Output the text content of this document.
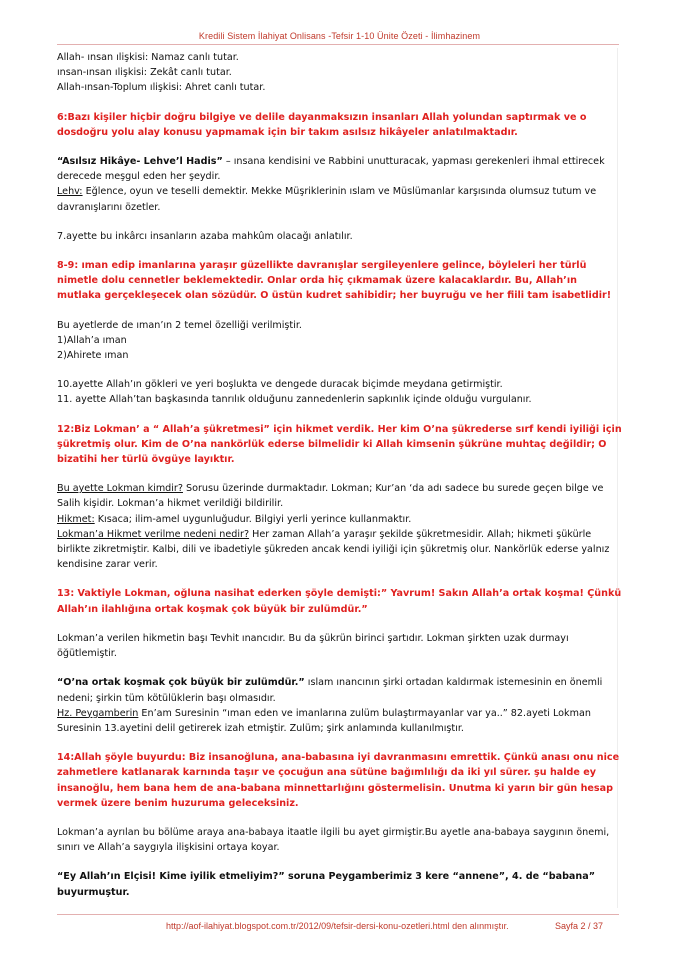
Kredili Sistem İlahiyat Onlisans -Tefsir 1-10 Ünite Özeti - İlimhazinem

Allah- ınsan ılişkisi: Namaz canlı tutar.

ınsan-ınsan ılişkisi: Zekât canlı tutar.

Allah-ınsan-Toplum ılişkisi: Ahret canlı tutar.

6:Bazı kişiler hiçbir doğru bilgiye ve delile dayanmaksızın insanları Allah yolundan saptırmak ve o dosdoğru yolu alay konusu yapmamak için bir takım asılsız hikâyeler anlatılmaktadır.

“Asılsız Hikâye- Lehve’l Hadis” – ınsana kendisini ve Rabbini unutturacak, yapması gerekenleri ihmal ettirecek derecede meşgul eden her şeydir.

Lehv: Eğlence, oyun ve teselli demektir. Mekke Müşriklerinin ıslam ve Müslümanlar karşısında olumsuz tutum ve davranışlarını özetler.

7.ayette bu inkârcı insanların azaba mahkûm olacağı anlatılır.

8-9: ıman edip imanlarına yaraşır güzellikte davranışlar sergileyenlere gelince, böyleleri her türlü nimetle dolu cennetler beklemektedir. Onlar orda hiç çıkmamak üzere kalacaklardır. Bu, Allah’ın mutlaka gerçekleşecek olan sözüdür. O üstün kudret sahibidir; her buyruğu ve her fiili tam isabetlidir!

Bu ayetlerde de ıman’ın 2 temel özelliği verilmiştir.

1)Allah’a ıman

2)Ahirete ıman

10.ayette Allah’ın gökleri ve yeri boşlukta ve dengede duracak biçimde meydana getirmiştir.

11. ayette Allah’tan başkasında tanrılık olduğunu zannedenlerin sapkınlık içinde olduğu vurgulanır.

12:Biz Lokman’ a “ Allah’a şükretmesi” için hikmet verdik. Her kim O’na şükrederse sırf kendi iyiliği için şükretmiş olur. Kim de O’na nankörlük ederse bilmelidir ki Allah kimsenin şükrüne muhtaç değildir; O bizatihi her türlü övgüye layıktır.

Bu ayette Lokman kimdir? Sorusu üzerinde durmaktadır. Lokman; Kur’an ‘da adı sadece bu surede geçen bilge ve Salih kişidir. Lokman’a hikmet verildiği bildirilir.

Hikmet: Kısaca; ilim-amel uygunluğudur. Bilgiyi yerli yerince kullanmaktır.

Lokman’a Hikmet verilme nedeni nedir? Her zaman Allah’a yaraşır şekilde şükretmesidir. Allah; hikmeti şükürle birlikte zikretmiştir. Kalbi, dili ve ibadetiyle şükreden ancak kendi iyiliği için şükretmiş olur. Nankörlük ederse yalnız kendisine zarar verir.

13: Vaktiyle Lokman, oğluna nasihat ederken şöyle demişti:” Yavrum! Sakın Allah’a ortak koşma! Çünkü Allah’ın ilahlığına ortak koşmak çok büyük bir zulümdür.”

Lokman’a verilen hikmetin başı Tevhit ınancıdır. Bu da şükrün birinci şartıdır. Lokman şirkten uzak durmayı öğütlemiştir.

“O’na ortak koşmak çok büyük bir zulümdür.” ıslam ınancının şirki ortadan kaldırmak istemesinin en önemli nedeni; şirkin tüm kötülüklerin başı olmasıdır.

Hz. Peygamberin En’am Suresinin “ıman eden ve imanlarına zulüm bulaştırmayanlar var ya..” 82.ayeti Lokman Suresinin 13.ayetini delil getirerek izah etmiştir. Zulüm; şirk anlamında kullanılmıştır.

14:Allah şöyle buyurdu: Biz insanoğluna, ana-babasına iyi davranmasını emrettik. Çünkü anası onu nice zahmetlere katlanarak karnında taşır ve çocuğun ana sütüne bağımlılığı da iki yıl sürer. şu halde ey insanoğlu, hem bana hem de ana-babana minnettarlığını göstermelisin. Unutma ki yarın bir gün hesap vermek üzere benim huzuruma geleceksiniz.

Lokman’a ayrılan bu bölüme araya ana-babaya itaatle ilgili bu ayet girmiştir.Bu ayetle ana-babaya saygının önemi, sınırı ve Allah’a saygıyla ilişkisini ortaya koyar.

“Ey Allah’ın Elçisi! Kime iyilik etmeliyim?” soruna Peygamberimiz 3 kere “annene”, 4. de “babana” buyurmuştur.

http://aof-ilahiyat.blogspot.com.tr/2012/09/tefsir-dersi-konu-ozetleri.html den alınmıştır.	Sayfa 2 / 37
